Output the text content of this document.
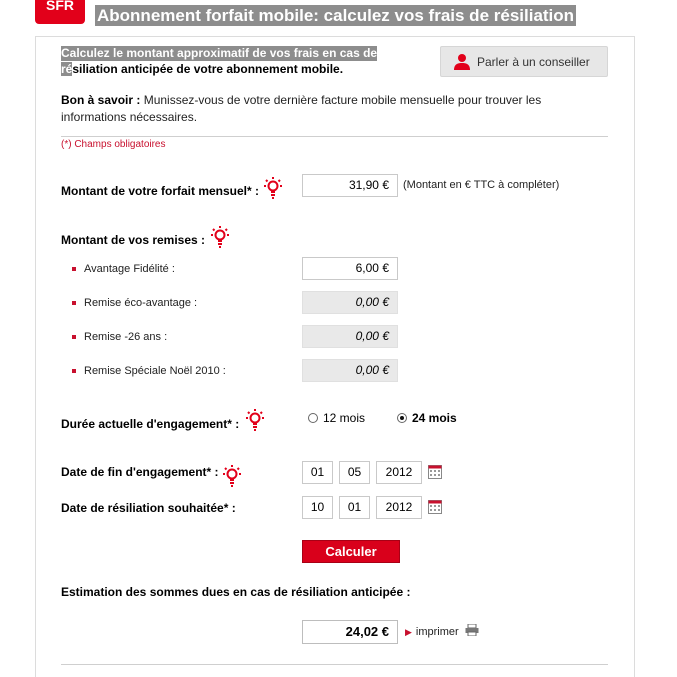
SFR
Abonnement forfait mobile: calculez vos frais de résiliation
Calculez le montant approximatif de vos frais en cas de
résiliation anticipée de votre abonnement mobile.
Parler à un conseiller
Bon à savoir : Munissez-vous de votre dernière facture mobile mensuelle pour trouver les informations nécessaires.
(*) Champs obligatoires
Montant de votre forfait mensuel* :	31,90 €	(Montant en € TTC à compléter)
Montant de vos remises :
Avantage Fidélité :	6,00 €
Remise éco-avantage :	0,00 €
Remise -26 ans :	0,00 €
Remise Spéciale Noël 2010 :	0,00 €
Durée actuelle d'engagement* :	12 mois	24 mois
Date de fin d'engagement* :	01	05	2012
Date de résiliation souhaitée* :	10	01	2012
Calculer
Estimation des sommes dues en cas de résiliation anticipée :
24,02 €	▶ imprimer
